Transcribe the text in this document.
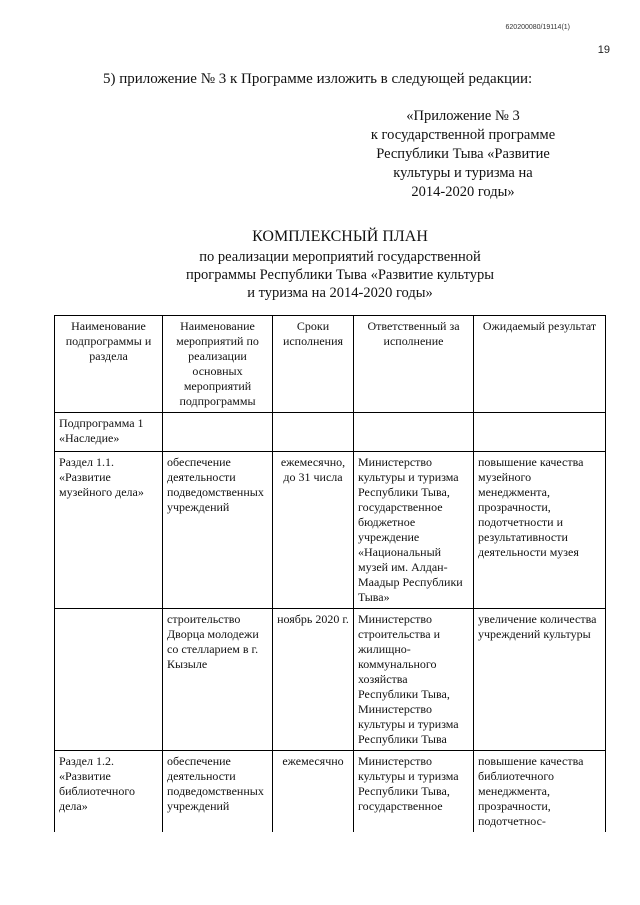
620200080/19114(1)
19
5) приложение № 3 к Программе изложить в следующей редакции:
«Приложение № 3
к государственной программе
Республики Тыва «Развитие
культуры и туризма на
2014-2020 годы»
КОМПЛЕКСНЫЙ ПЛАН
по реализации мероприятий государственной
программы Республики Тыва «Развитие культуры
и туризма на 2014-2020 годы»
Наименование подпрограммы и раздела	Наименование мероприятий по реализации основных мероприятий подпрограммы	Сроки исполнения	Ответственный за исполнение	Ожидаемый результат
Подпрограмма 1 «Наследие»				
Раздел 1.1. «Развитие музейного дела»	обеспечение деятельности подведомственных учреждений	ежемесячно, до 31 числа	Министерство культуры и туризма Республики Тыва, государственное бюджетное учреждение «Национальный музей им. Алдан-Маадыр Республики Тыва»	повышение качества музейного менеджмента, прозрачности, подотчетности и результативности деятельности музея
	строительство Дворца молодежи со стелларием в г. Кызыле	ноябрь 2020 г.	Министерство строительства и жилищно-коммунального хозяйства Республики Тыва, Министерство культуры и туризма Республики Тыва	увеличение количества учреждений культуры
Раздел 1.2. «Развитие библиотечного дела»	обеспечение деятельности подведомственных учреждений	ежемесячно	Министерство культуры и туризма Республики Тыва, государственное	повышение качества библиотечного менеджмента, прозрачности, подотчетнос-
